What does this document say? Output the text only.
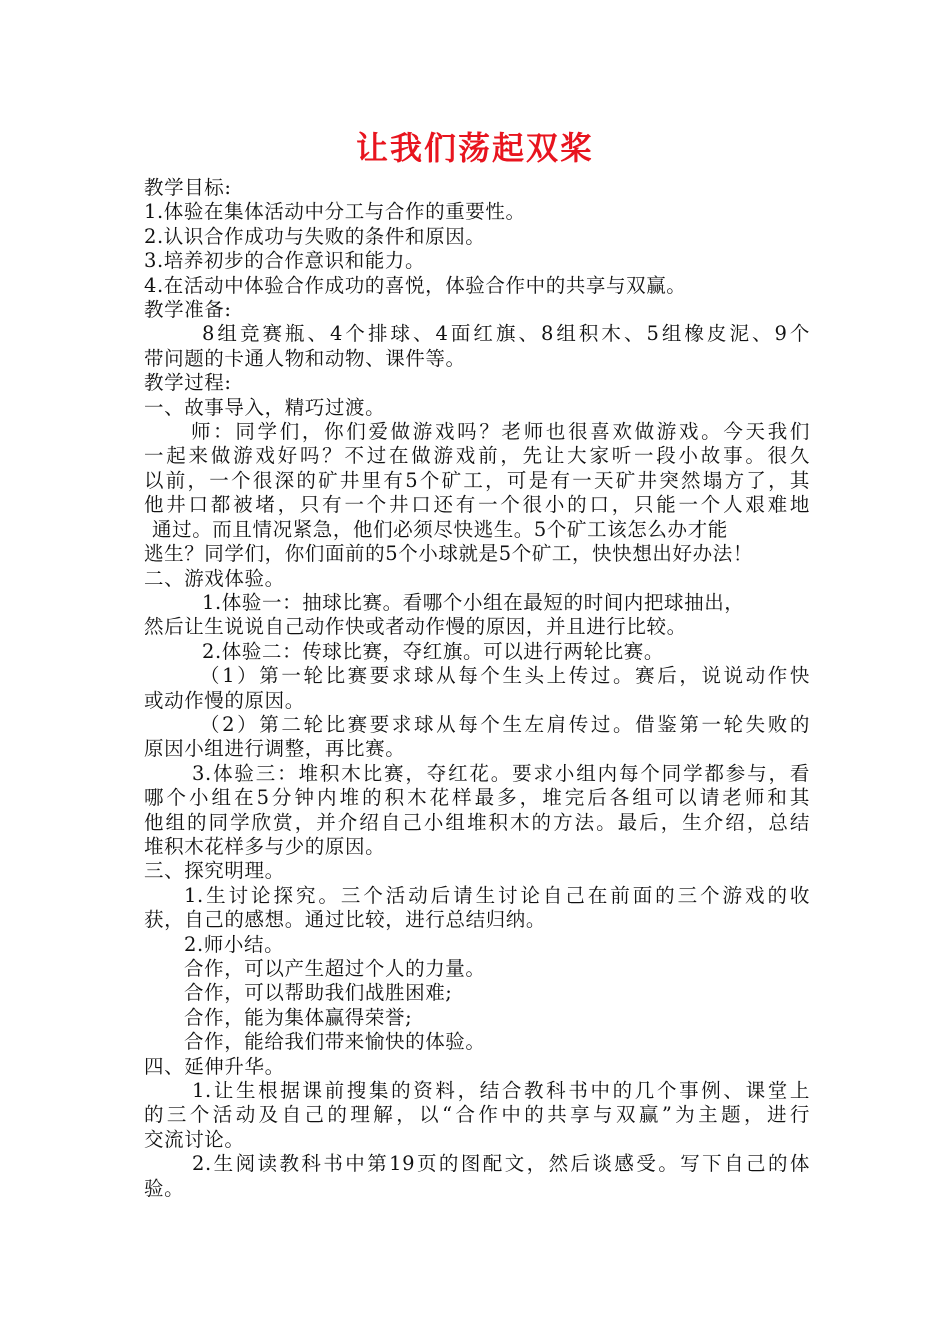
让我们荡起双桨
教学目标:
1.体验在集体活动中分工与合作的重要性。
2.认识合作成功与失败的条件和原因。
3.培养初步的合作意识和能力。
4.在活动中体验合作成功的喜悦，体验合作中的共享与双赢。
教学准备:
8组竞赛瓶、4个排球、4面红旗、8组积木、5组橡皮泥、9个
带问题的卡通人物和动物、课件等。
教学过程:
一、故事导入，精巧过渡。
师：同学们，你们爱做游戏吗？老师也很喜欢做游戏。今天我们
一起来做游戏好吗？不过在做游戏前，先让大家听一段小故事。很久
以前，一个很深的矿井里有5个矿工，可是有一天矿井突然塌方了，其
他井口都被堵，只有一个井口还有一个很小的口，只能一个人艰难地
通过。而且情况紧急，他们必须尽快逃生。5个矿工该怎么办才能
逃生？同学们，你们面前的5个小球就是5个矿工，快快想出好办法！
二、游戏体验。
1.体验一：抽球比赛。看哪个小组在最短的时间内把球抽出，
然后让生说说自己动作快或者动作慢的原因，并且进行比较。
2.体验二：传球比赛，夺红旗。可以进行两轮比赛。
（1）第一轮比赛要求球从每个生头上传过。赛后，说说动作快
或动作慢的原因。
（2）第二轮比赛要求球从每个生左肩传过。借鉴第一轮失败的
原因小组进行调整，再比赛。
3.体验三：堆积木比赛，夺红花。要求小组内每个同学都参与，看
哪个小组在5分钟内堆的积木花样最多，堆完后各组可以请老师和其
他组的同学欣赏，并介绍自己小组堆积木的方法。最后，生介绍，总结
堆积木花样多与少的原因。
三、探究明理。
1.生讨论探究。三个活动后请生讨论自己在前面的三个游戏的收
获，自己的感想。通过比较，进行总结归纳。
2.师小结。
合作，可以产生超过个人的力量。
合作，可以帮助我们战胜困难;
合作，能为集体赢得荣誉;
合作，能给我们带来愉快的体验。
四、延伸升华。
1.让生根据课前搜集的资料，结合教科书中的几个事例、课堂上
的三个活动及自己的理解，以“合作中的共享与双赢”为主题，进行
交流讨论。
2.生阅读教科书中第19页的图配文，然后谈感受。写下自己的体
验。
